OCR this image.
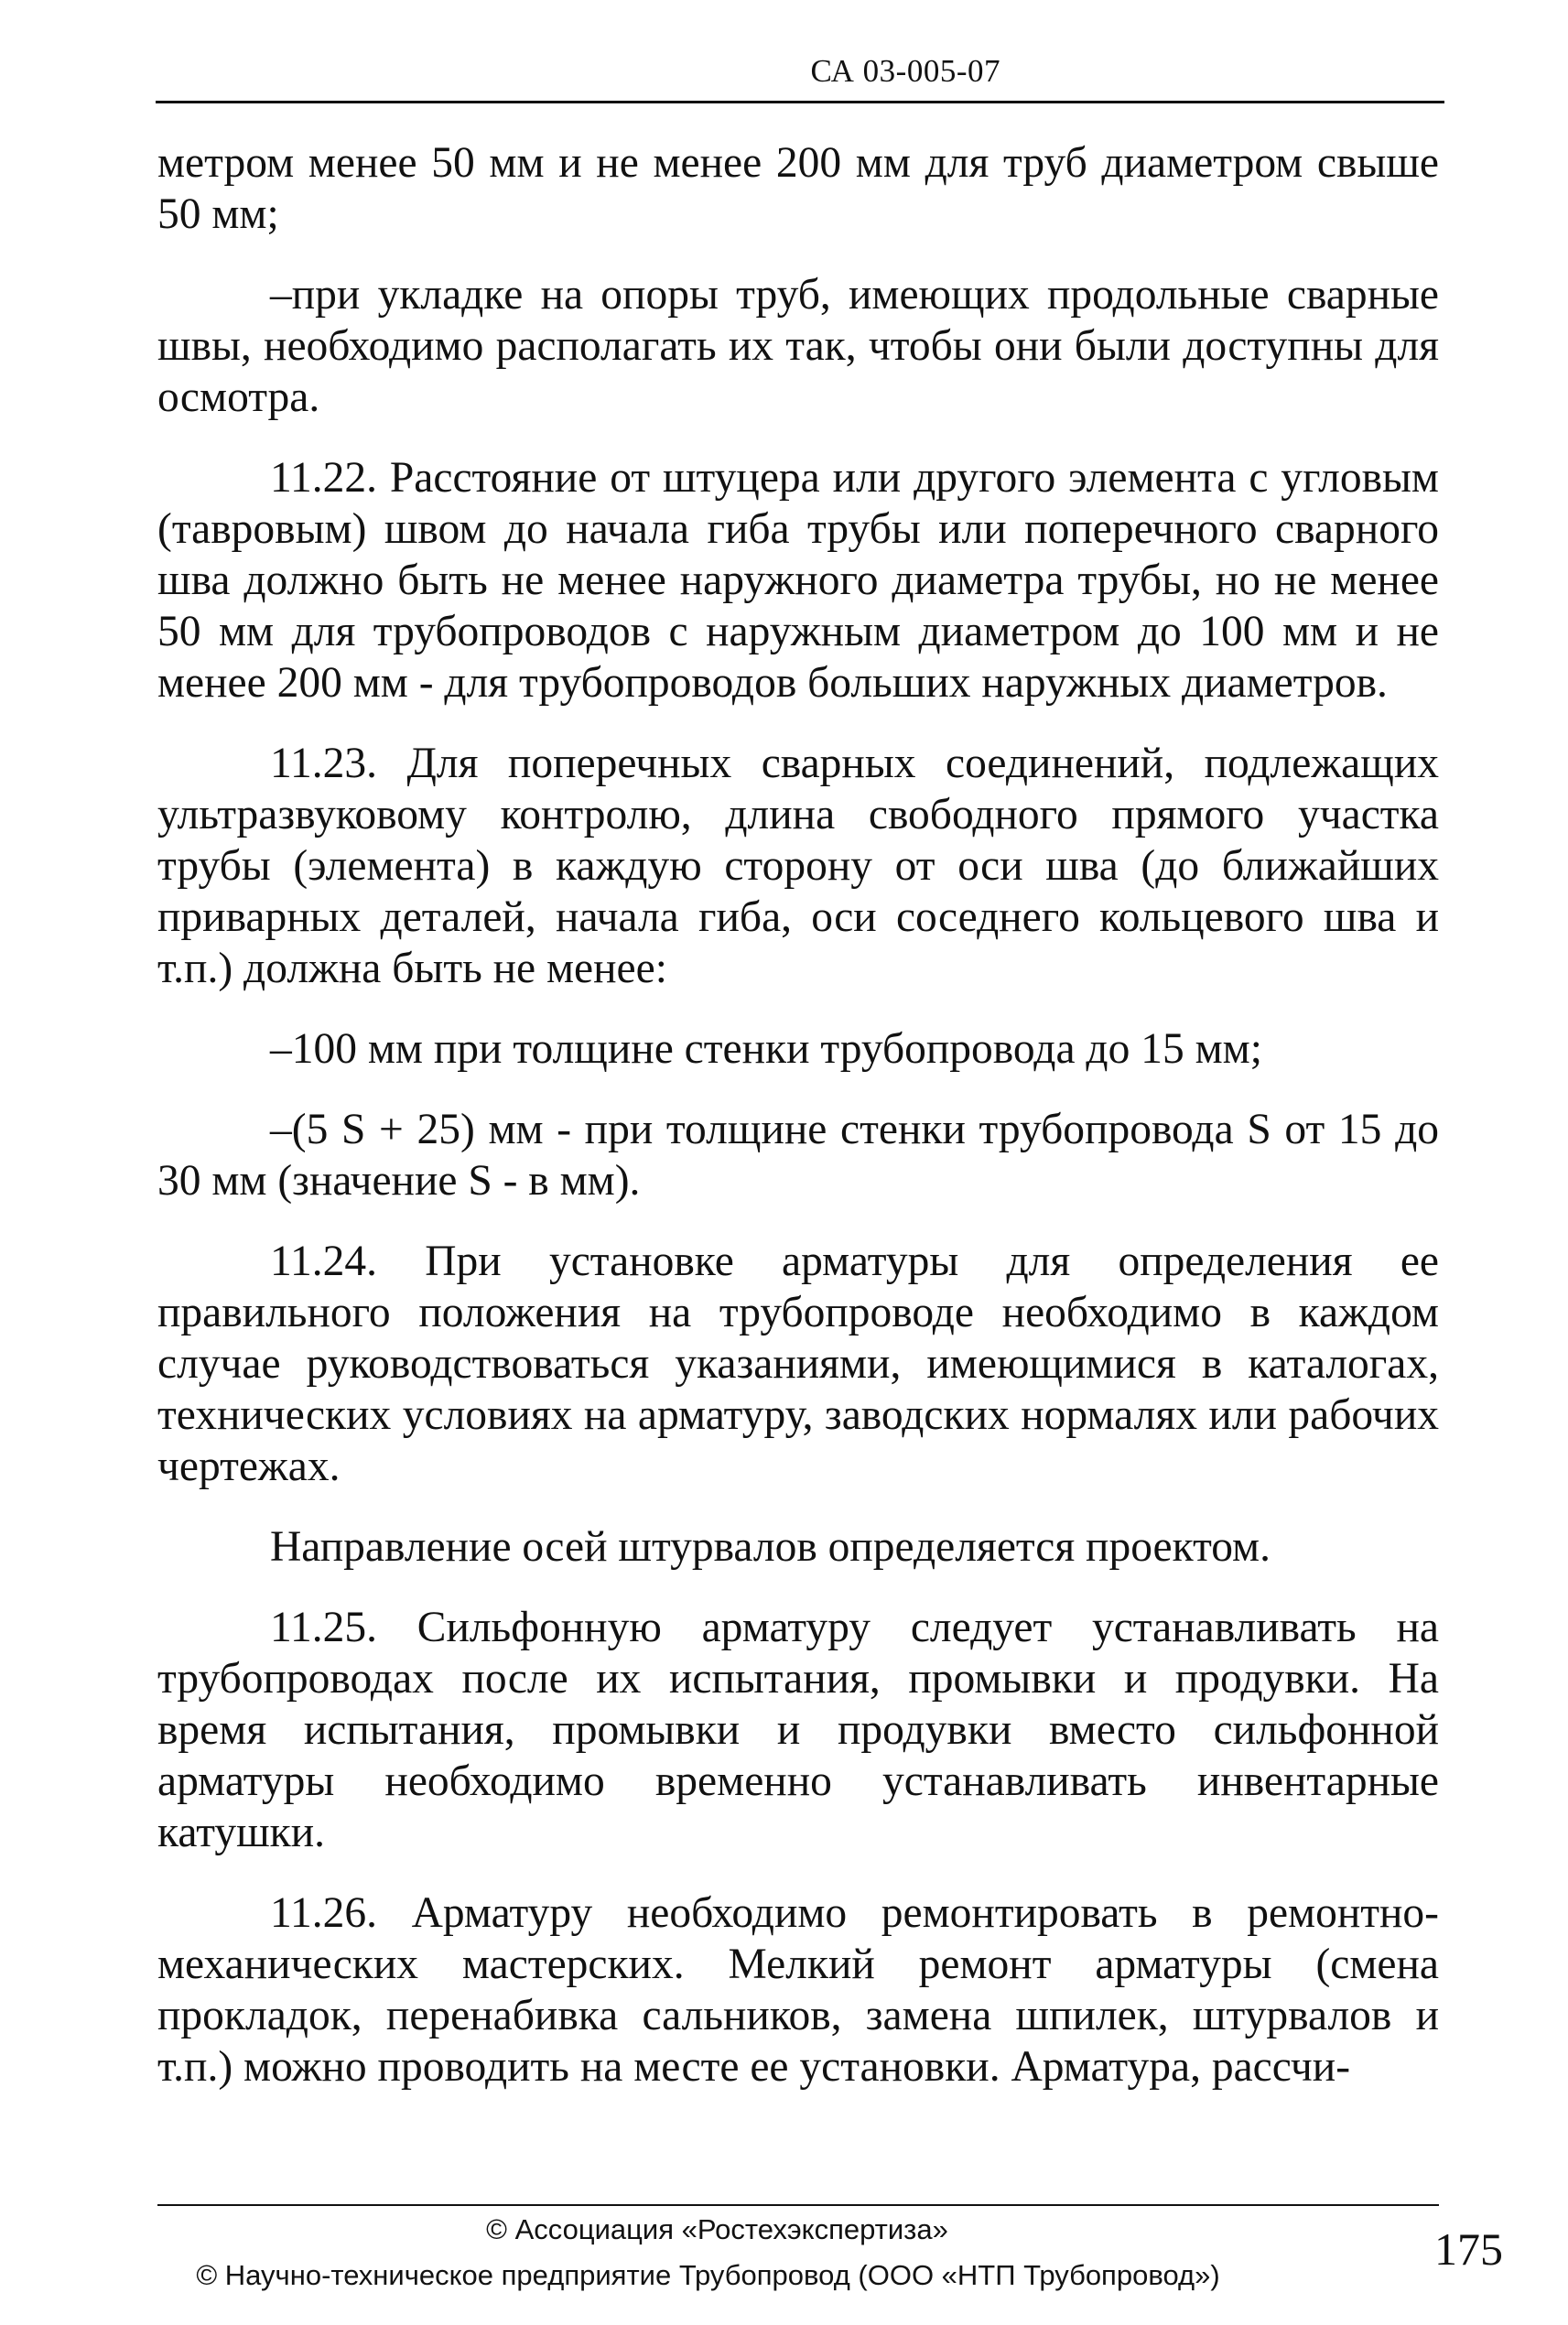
СА 03-005-07

метром менее 50 мм и не менее 200 мм для труб диаметром свыше 50 мм;

–при укладке на опоры труб, имеющих продольные сварные швы, необходимо располагать их так, чтобы они были доступны для осмотра.

11.22. Расстояние от штуцера или другого элемента с угловым (тавровым) швом до начала гиба трубы или поперечного сварного шва должно быть не менее наружного диаметра трубы, но не менее 50 мм для трубопроводов с наружным диаметром до 100 мм и не менее 200 мм - для трубопроводов больших наружных диаметров.

11.23. Для поперечных сварных соединений, подлежащих ультразвуковому контролю, длина свободного прямого участка трубы (элемента) в каждую сторону от оси шва (до ближайших приварных деталей, начала гиба, оси соседнего кольцевого шва и т.п.) должна быть не менее:

–100 мм при толщине стенки трубопровода до 15 мм;

–(5 S + 25) мм - при толщине стенки трубопровода S от 15 до 30 мм (значение S - в мм).

11.24. При установке арматуры для определения ее правильного положения на трубопроводе необходимо в каждом случае руководствоваться указаниями, имеющимися в каталогах, технических условиях на арматуру, заводских нормалях или рабочих чертежах.

Направление осей штурвалов определяется проектом.

11.25. Сильфонную арматуру следует устанавливать на трубопроводах после их испытания, промывки и продувки. На время испытания, промывки и продувки вместо сильфонной арматуры необходимо временно устанавливать инвентарные катушки.

11.26. Арматуру необходимо ремонтировать в ремонтно-механических мастерских. Мелкий ремонт арматуры (смена прокладок, перенабивка сальников, замена шпилек, штурвалов и т.п.) можно проводить на месте ее установки. Арматура, рассчи-

© Ассоциация «Ростехэкспертиза»
© Научно-техническое предприятие Трубопровод (ООО «НТП Трубопровод»)
175
